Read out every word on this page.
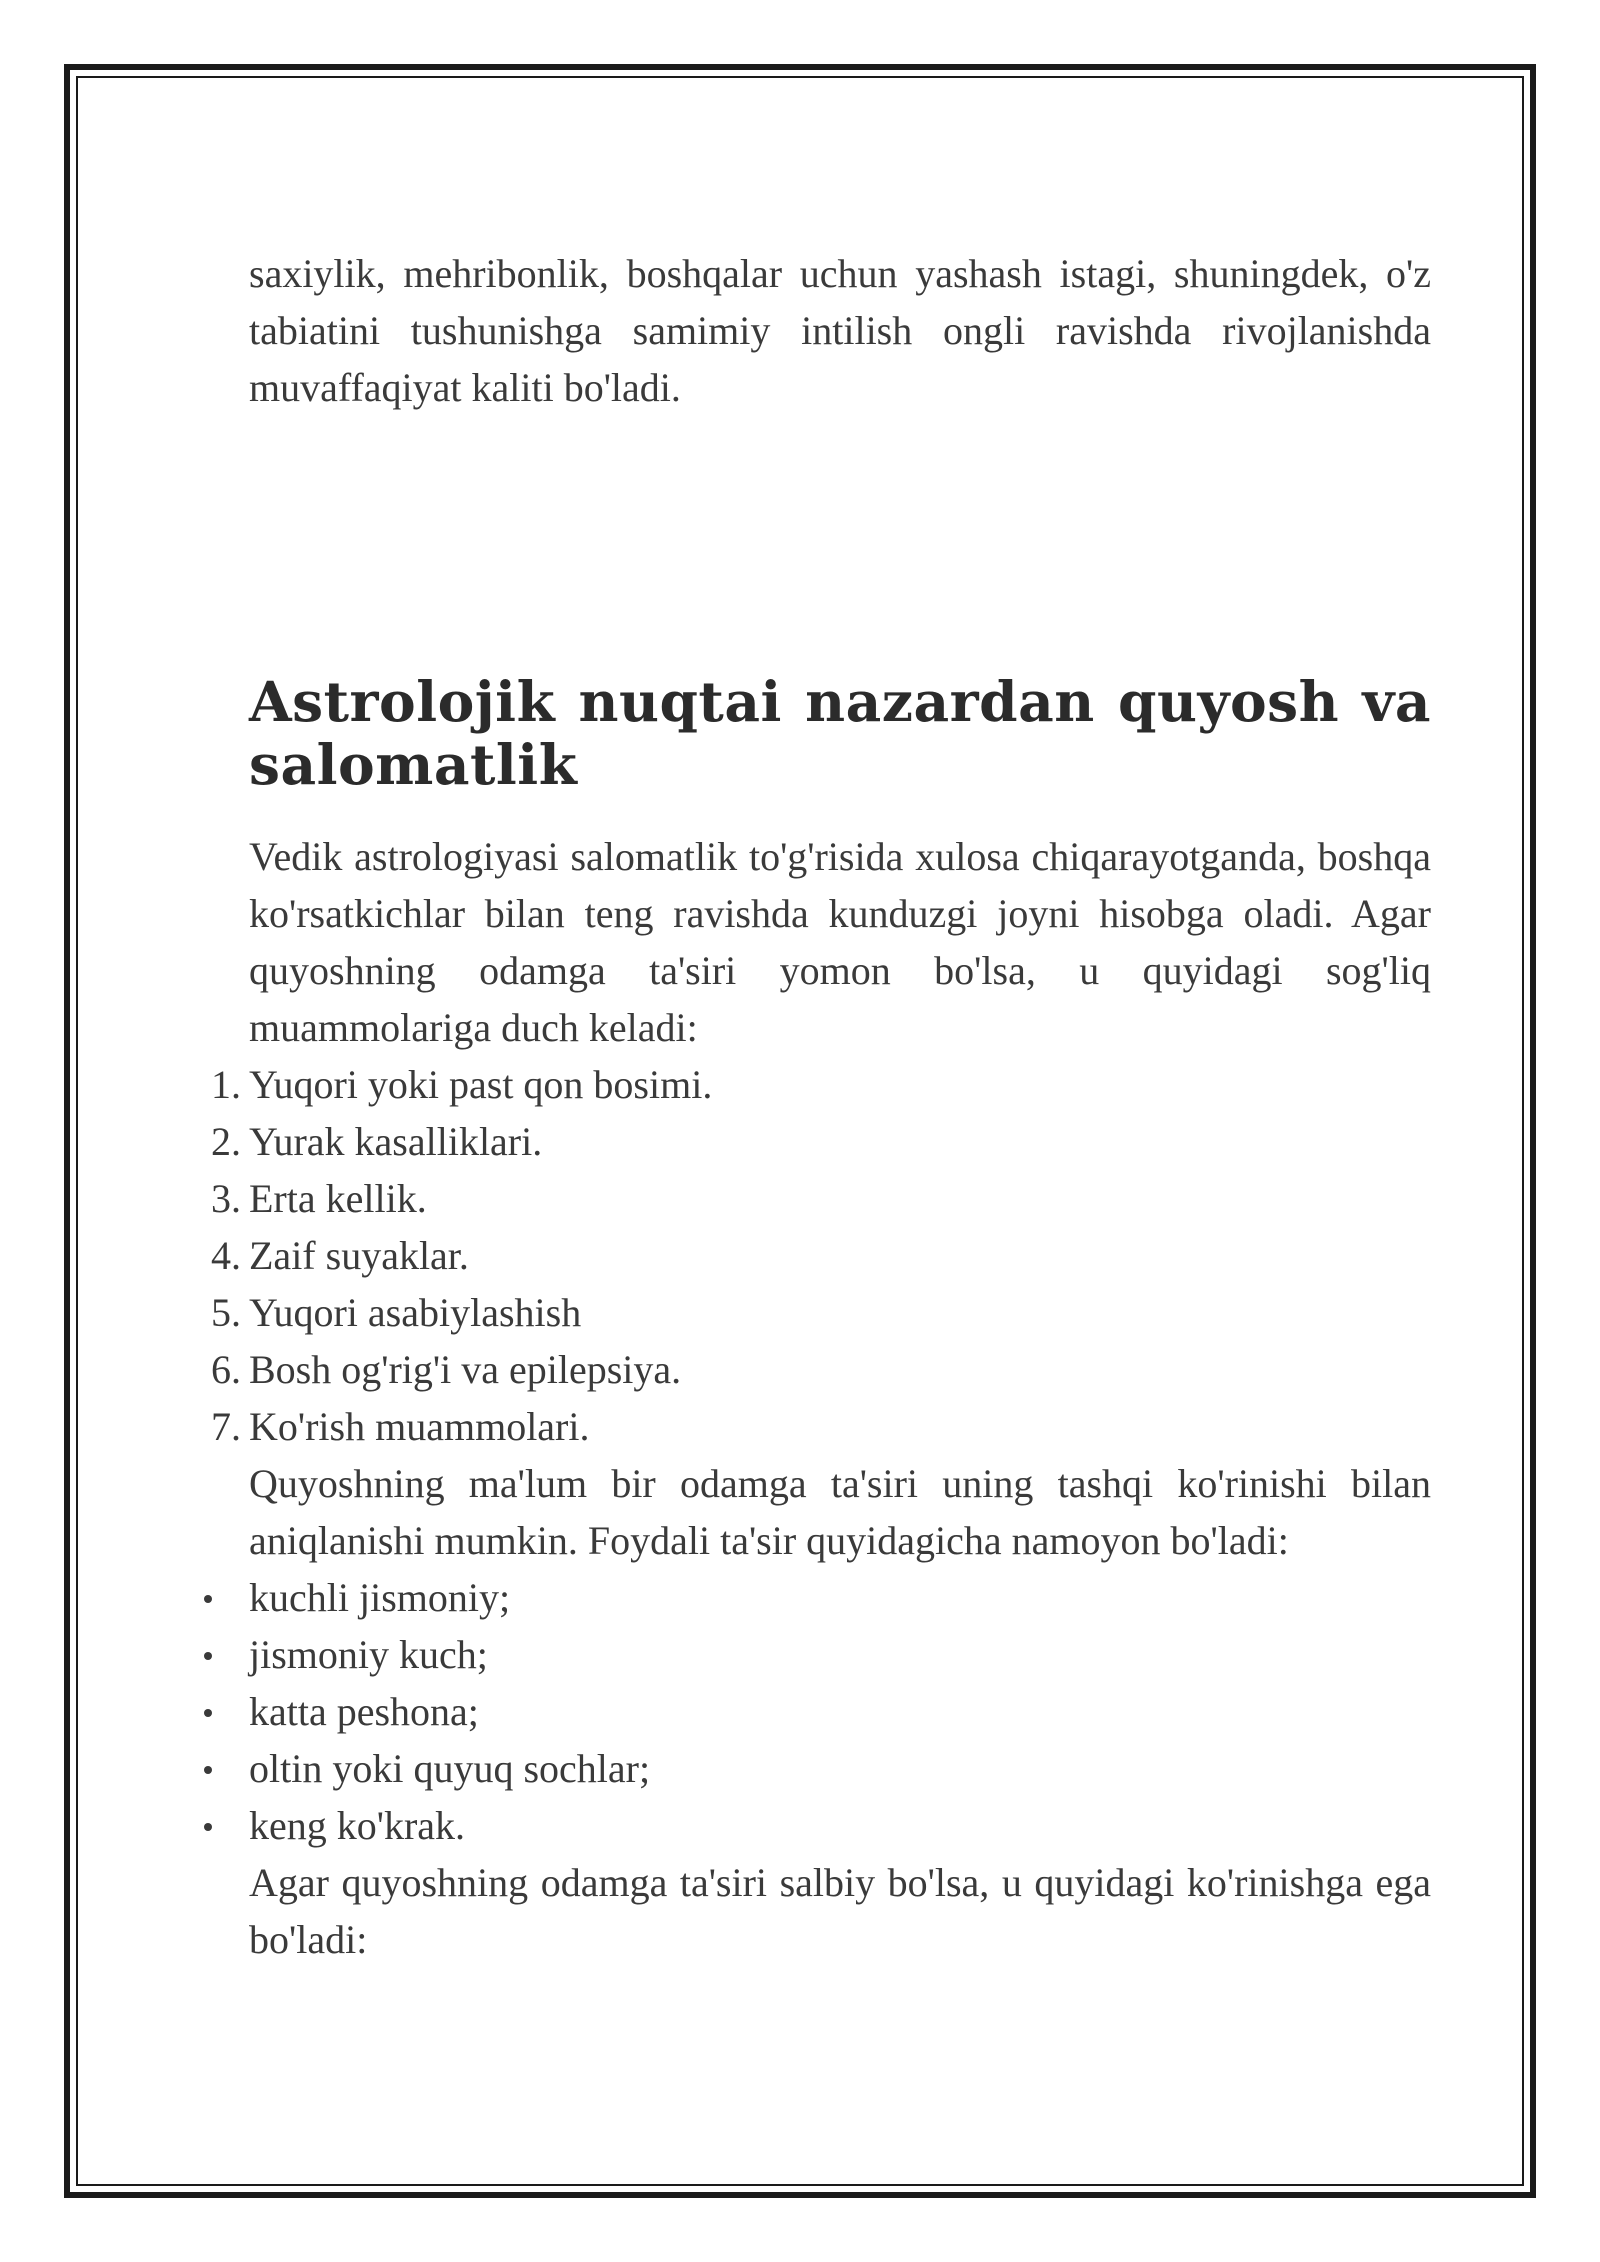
saxiylik, mehribonlik, boshqalar uchun yashash istagi, shuningdek, o'z tabiatini tushunishga samimiy intilish ongli ravishda rivojlanishda muvaffaqiyat kaliti bo'ladi.

Astrolojik nuqtai nazardan quyosh va salomatlik

Vedik astrologiyasi salomatlik to'g'risida xulosa chiqarayotganda, boshqa ko'rsatkichlar bilan teng ravishda kunduzgi joyni hisobga oladi. Agar quyoshning odamga ta'siri yomon bo'lsa, u quyidagi sog'liq muammolariga duch keladi:

1. Yuqori yoki past qon bosimi.
2. Yurak kasalliklari.
3. Erta kellik.
4. Zaif suyaklar.
5. Yuqori asabiylashish
6. Bosh og'rig'i va epilepsiya.
7. Ko'rish muammolari.

Quyoshning ma'lum bir odamga ta'siri uning tashqi ko'rinishi bilan aniqlanishi mumkin. Foydali ta'sir quyidagicha namoyon bo'ladi:

kuchli jismoniy;
jismoniy kuch;
katta peshona;
oltin yoki quyuq sochlar;
keng ko'krak.

Agar quyoshning odamga ta'siri salbiy bo'lsa, u quyidagi ko'rinishga ega bo'ladi:
